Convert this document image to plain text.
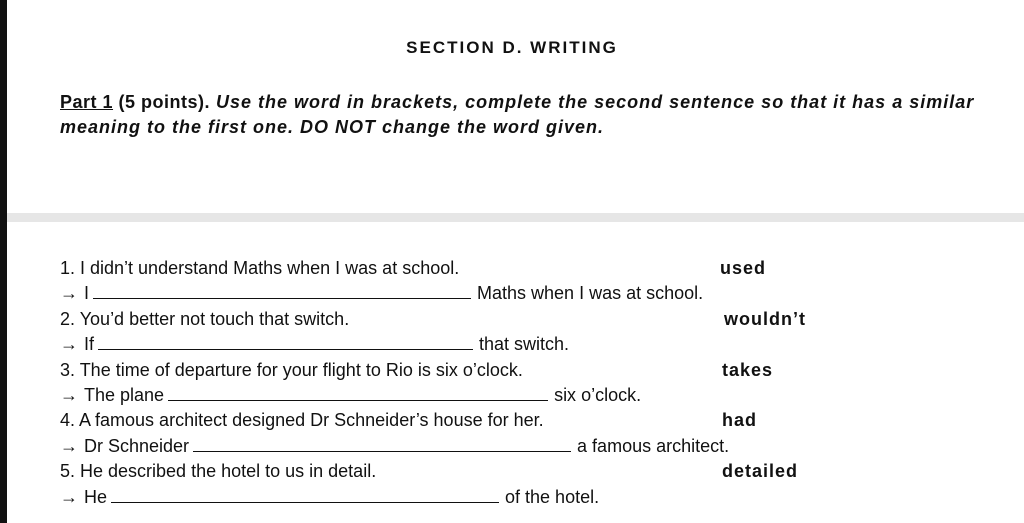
SECTION D. WRITING
Part 1 (5 points). Use the word in brackets, complete the second sentence so that it has a similar meaning to the first one. DO NOT change the word given.
1. I didn’t understand Maths when I was at school.	used
→ I	Maths when I was at school.
2. You’d better not touch that switch.	wouldn’t
→ If	that switch.
3. The time of departure for your flight to Rio is six o’clock.	takes
→ The plane	six o’clock.
4. A famous architect designed Dr Schneider’s house for her.	had
→ Dr Schneider	a famous architect.
5. He described the hotel to us in detail.	detailed
→ He	of the hotel.
